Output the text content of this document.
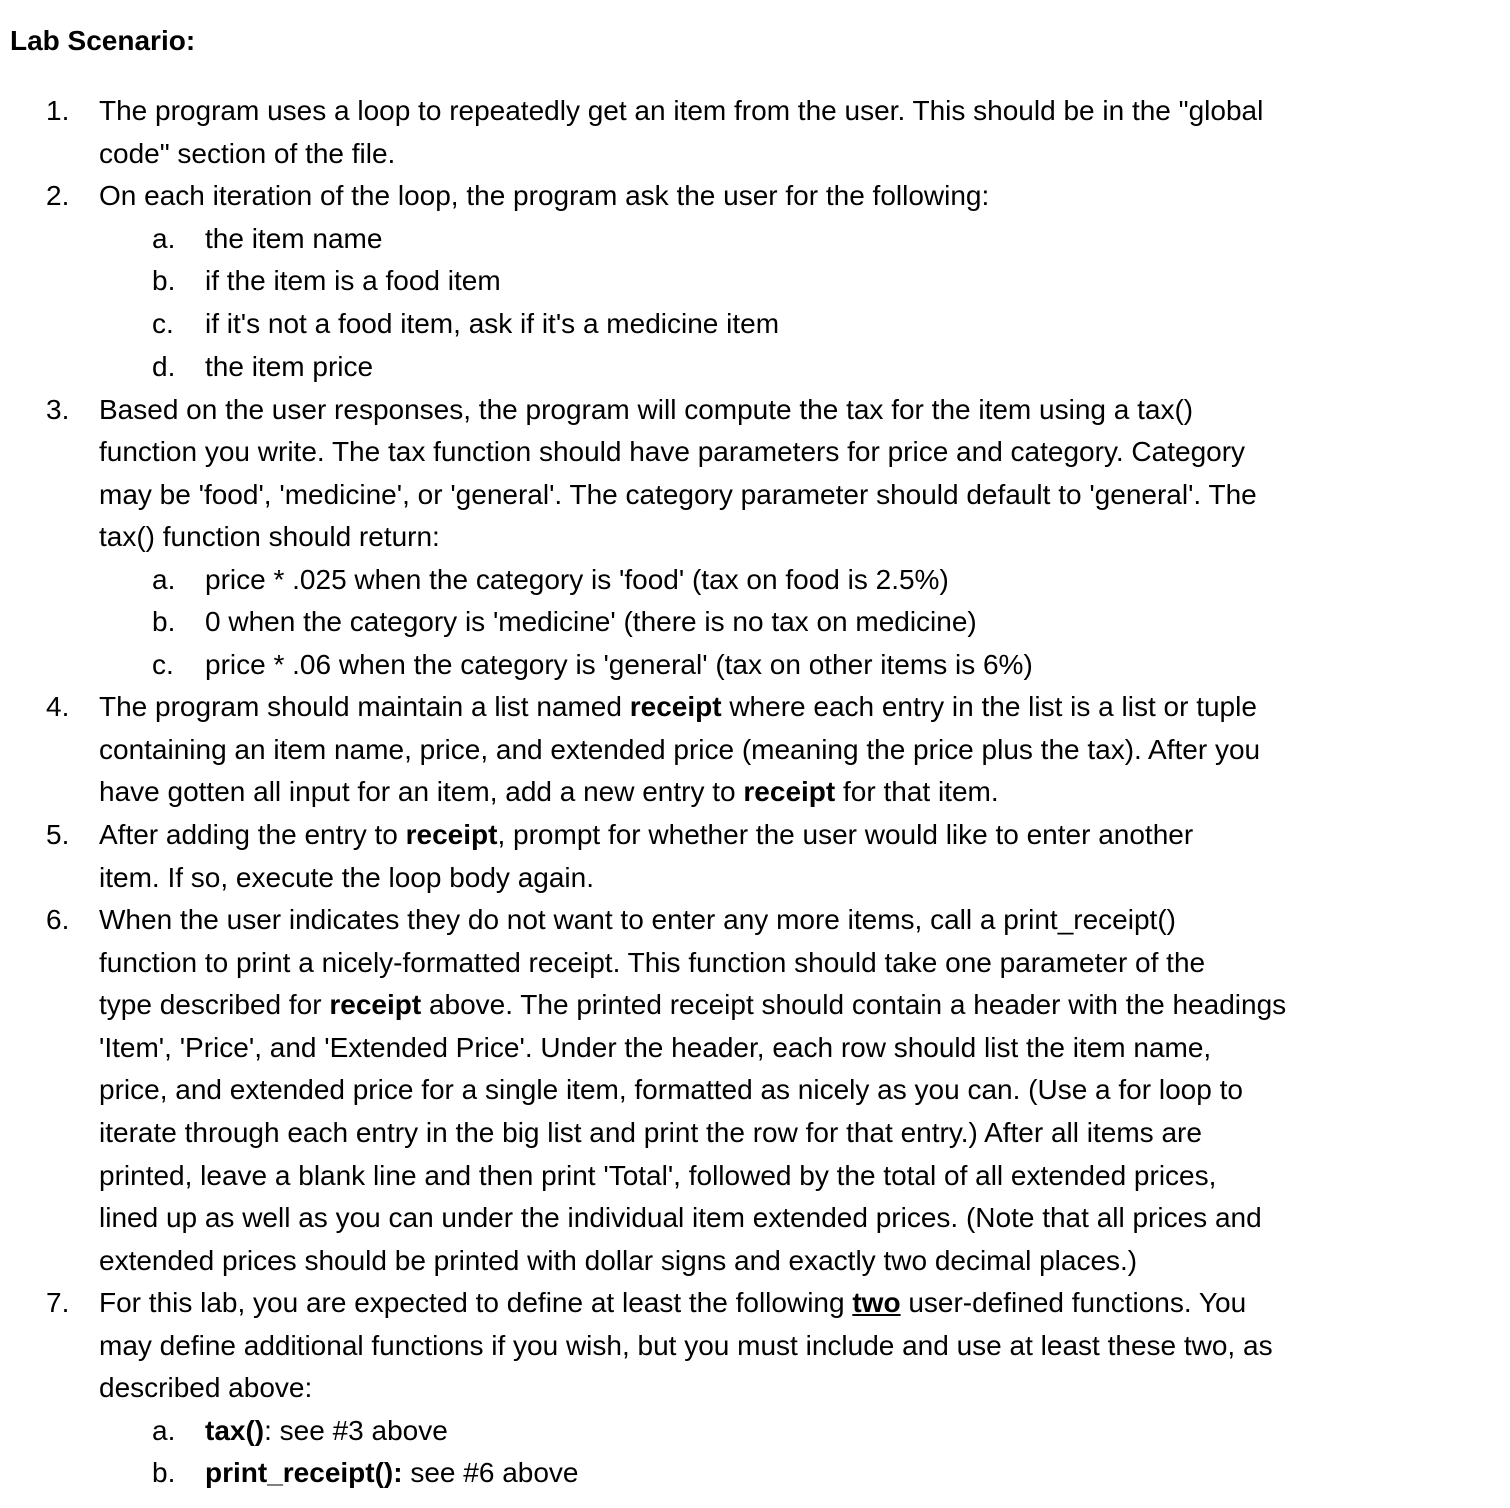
Lab Scenario:
1.	The program uses a loop to repeatedly get an item from the user. This should be in the "global
code" section of the file.
2.	On each iteration of the loop, the program ask the user for the following:
a.	the item name
b.	if the item is a food item
c.	if it's not a food item, ask if it's a medicine item
d.	the item price
3.	Based on the user responses, the program will compute the tax for the item using a tax()
function you write. The tax function should have parameters for price and category. Category
may be 'food', 'medicine', or 'general'. The category parameter should default to 'general'. The
tax() function should return:
a.	price * .025 when the category is 'food' (tax on food is 2.5%)
b.	0 when the category is 'medicine' (there is no tax on medicine)
c.	price * .06 when the category is 'general' (tax on other items is 6%)
4.	The program should maintain a list named receipt where each entry in the list is a list or tuple
containing an item name, price, and extended price (meaning the price plus the tax). After you
have gotten all input for an item, add a new entry to receipt for that item.
5.	After adding the entry to receipt, prompt for whether the user would like to enter another
item. If so, execute the loop body again.
6.	When the user indicates they do not want to enter any more items, call a print_receipt()
function to print a nicely-formatted receipt. This function should take one parameter of the
type described for receipt above. The printed receipt should contain a header with the headings
'Item', 'Price', and 'Extended Price'. Under the header, each row should list the item name,
price, and extended price for a single item, formatted as nicely as you can. (Use a for loop to
iterate through each entry in the big list and print the row for that entry.) After all items are
printed, leave a blank line and then print 'Total', followed by the total of all extended prices,
lined up as well as you can under the individual item extended prices. (Note that all prices and
extended prices should be printed with dollar signs and exactly two decimal places.)
7.	For this lab, you are expected to define at least the following two user-defined functions. You
may define additional functions if you wish, but you must include and use at least these two, as
described above:
a.	tax(): see #3 above
b.	print_receipt(): see #6 above
